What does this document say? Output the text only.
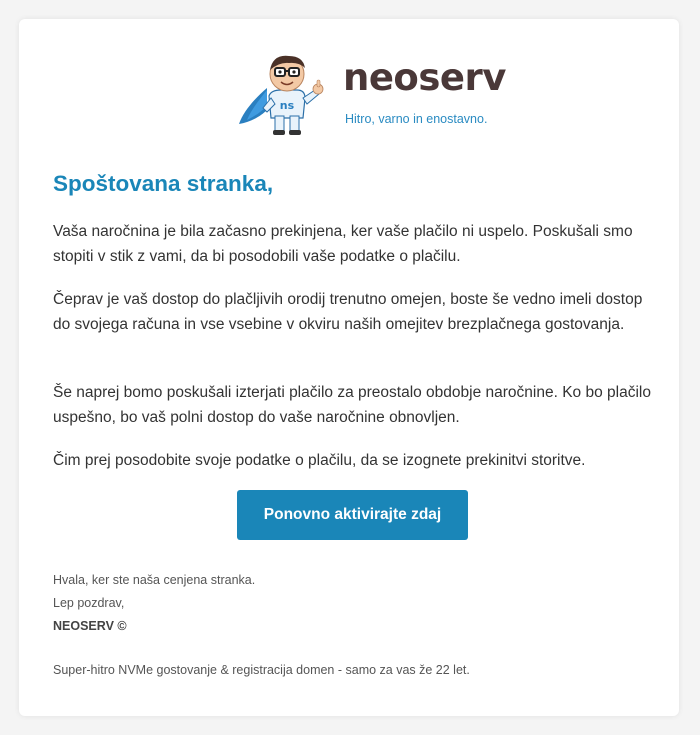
ns
neoserv
Hitro, varno in enostavno.
Spoštovana stranka,

Vaša naročnina je bila začasno prekinjena, ker vaše plačilo ni uspelo. Poskušali smo stopiti v stik z vami, da bi posodobili vaše podatke o plačilu.

Čeprav je vaš dostop do plačljivih orodij trenutno omejen, boste še vedno imeli dostop do svojega računa in vse vsebine v okviru naših omejitev brezplačnega gostovanja.

Še naprej bomo poskušali izterjati plačilo za preostalo obdobje naročnine. Ko bo plačilo uspešno, bo vaš polni dostop do vaše naročnine obnovljen.

Čim prej posodobite svoje podatke o plačilu, da se izognete prekinitvi storitve.

Ponovno aktivirajte zdaj

Hvala, ker ste naša cenjena stranka.

Lep pozdrav,

NEOSERV ©

Super-hitro NVMe gostovanje & registracija domen - samo za vas že 22 let.
